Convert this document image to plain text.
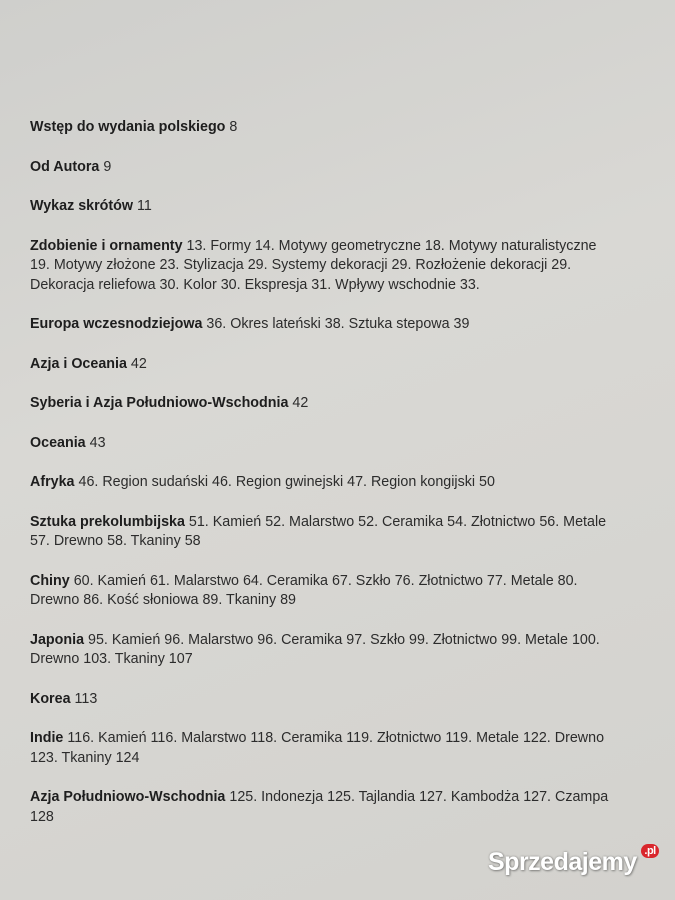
Wstęp do wydania polskiego 8

Od Autora 9

Wykaz skrótów 11

Zdobienie i ornamenty 13. Formy 14. Motywy geometryczne 18. Motywy naturalistyczne 19. Motywy złożone 23. Stylizacja 29. Systemy dekoracji 29. Rozłożenie dekoracji 29. Dekoracja reliefowa 30. Kolor 30. Ekspresja 31. Wpływy wschodnie 33.

Europa wczesnodziejowa 36. Okres lateński 38. Sztuka stepowa 39

Azja i Oceania 42

Syberia i Azja Południowo-Wschodnia 42

Oceania 43

Afryka 46. Region sudański 46. Region gwinejski 47. Region kongijski 50

Sztuka prekolumbijska 51. Kamień 52. Malarstwo 52. Ceramika 54. Złotnictwo 56. Metale 57. Drewno 58. Tkaniny 58

Chiny 60. Kamień 61. Malarstwo 64. Ceramika 67. Szkło 76. Złotnictwo 77. Metale 80. Drewno 86. Kość słoniowa 89. Tkaniny 89

Japonia 95. Kamień 96. Malarstwo 96. Ceramika 97. Szkło 99. Złotnictwo 99. Metale 100. Drewno 103. Tkaniny 107

Korea 113

Indie 116. Kamień 116. Malarstwo 118. Ceramika 119. Złotnictwo 119. Metale 122. Drewno 123. Tkaniny 124

Azja Południowo-Wschodnia 125. Indonezja 125. Tajlandia 127. Kambodża 127. Czampa 128

Sprzedajemy .pl
